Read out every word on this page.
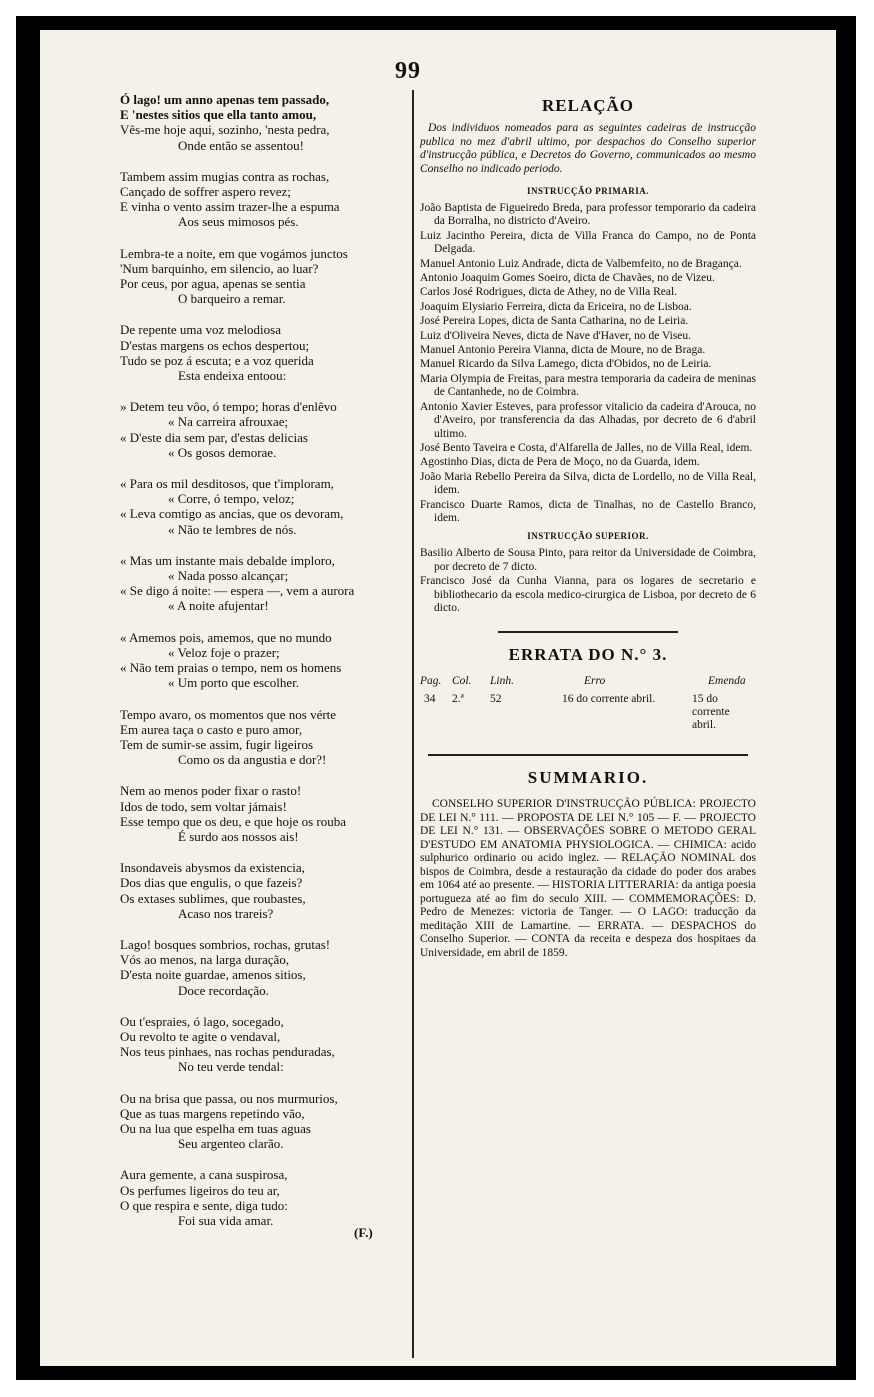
99
Ó lago! um anno apenas tem passado,
E 'nestes sitios que ella tanto amou,
Vês-me hoje aqui, sozinho, 'nesta pedra,
Onde então se assentou!
Tambem assim mugias contra as rochas,
Cançado de soffrer aspero revez;
E vinha o vento assim trazer-lhe a espuma
Aos seus mimosos pés.
Lembra-te a noite, em que vogámos junctos
'Num barquinho, em silencio, ao luar?
Por ceus, por agua, apenas se sentia
O barqueiro a remar.
De repente uma voz melodiosa
D'estas margens os echos despertou;
Tudo se poz á escuta; e a voz querida
Esta endeixa entoou:
» Detem teu vôo, ó tempo; horas d'enlêvo
« Na carreira afrouxae;
« D'este dia sem par, d'estas delicias
« Os gosos demorae.
« Para os mil desditosos, que t'imploram,
« Corre, ó tempo, veloz;
« Leva comtigo as ancias, que os devoram,
« Não te lembres de nós.
« Mas um instante mais debalde imploro,
« Nada posso alcançar;
« Se digo á noite: — espera —, vem a aurora
« A noite afujentar!
« Amemos pois, amemos, que no mundo
« Veloz foje o prazer;
« Não tem praias o tempo, nem os homens
« Um porto que escolher.
Tempo avaro, os momentos que nos vérte
Em aurea taça o casto e puro amor,
Tem de sumir-se assim, fugir ligeiros
Como os da angustia e dor?!
Nem ao menos poder fixar o rasto!
Idos de todo, sem voltar jámais!
Esse tempo que os deu, e que hoje os rouba
É surdo aos nossos ais!
Insondaveis abysmos da existencia,
Dos dias que engulis, o que fazeis?
Os extases sublimes, que roubastes,
Acaso nos trareis?
Lago! bosques sombrios, rochas, grutas!
Vós ao menos, na larga duração,
D'esta noite guardae, amenos sitios,
Doce recordação.
Ou t'espraies, ó lago, socegado,
Ou revolto te agite o vendaval,
Nos teus pinhaes, nas rochas penduradas,
No teu verde tendal:
Ou na brisa que passa, ou nos murmurios,
Que as tuas margens repetindo vão,
Ou na lua que espelha em tuas aguas
Seu argenteo clarão.
Aura gemente, a cana suspirosa,
Os perfumes ligeiros do teu ar,
O que respira e sente, diga tudo:
Foi sua vida amar.
(F.)
RELAÇÃO
Dos individuos nomeados para as seguintes cadeiras de instrucção publica no mez d'abril ultimo, por despachos do Conselho superior d'instrucção pública, e Decretos do Governo, communicados ao mesmo Conselho no indicado periodo.
INSTRUCÇÃO PRIMARIA.
João Baptista de Figueiredo Breda, para professor temporario da cadeira da Borralha, no districto d'Aveiro.
Luiz Jacintho Pereira, dicta de Villa Franca do Campo, no de Ponta Delgada.
Manuel Antonio Luiz Andrade, dicta de Valbemfeito, no de Bragança.
Antonio Joaquim Gomes Soeiro, dicta de Chavães, no de Vizeu.
Carlos José Rodrigues, dicta de Athey, no de Villa Real.
Joaquim Elysiario Ferreira, dicta da Ericeira, no de Lisboa.
José Pereira Lopes, dicta de Santa Catharina, no de Leiria.
Luiz d'Oliveira Neves, dicta de Nave d'Haver, no de Viseu.
Manuel Antonio Pereira Vianna, dicta de Moure, no de Braga.
Manuel Ricardo da Silva Lamego, dicta d'Obidos, no de Leiria.
Maria Olympia de Freitas, para mestra temporaria da cadeira de meninas de Cantanhede, no de Coimbra.
Antonio Xavier Esteves, para professor vitalicio da cadeira d'Arouca, no d'Aveiro, por transferencia da das Alhadas, por decreto de 6 d'abril ultimo.
José Bento Taveira e Costa, d'Alfarella de Jalles, no de Villa Real, idem.
Agostinho Dias, dicta de Pera de Moço, no da Guarda, idem.
João Maria Rebello Pereira da Silva, dicta de Lordello, no de Villa Real, idem.
Francisco Duarte Ramos, dicta de Tinalhas, no de Castello Branco, idem.
INSTRUCÇÃO SUPERIOR.
Basilio Alberto de Sousa Pinto, para reitor da Universidade de Coimbra, por decreto de 7 dicto.
Francisco José da Cunha Vianna, para os logares de secretario e bibliothecario da escola medico-cirurgica de Lisboa, por decreto de 6 dicto.
ERRATA DO N.° 3.
Pag.	Col.	Linh.	Erro	Emenda
34	2.ª	52	16 do corrente abril.	15 do corrente abril.
SUMMARIO.
CONSELHO SUPERIOR D'INSTRUCÇÃO PÚBLICA: PROJECTO DE LEI N.° 111. — PROPOSTA DE LEI N.° 105 — F. — PROJECTO DE LEI N.° 131. — OBSERVAÇÕES SOBRE O METODO GERAL D'ESTUDO EM ANATOMIA PHYSIOLOGICA. — CHIMICA: acido sulphurico ordinario ou acido inglez. — RELAÇÃO NOMINAL dos bispos de Coimbra, desde a restauração da cidade do poder dos arabes em 1064 até ao presente. — HISTORIA LITTERARIA: da antiga poesia portugueza até ao fim do seculo XIII. — COMMEMORAÇÕES: D. Pedro de Menezes: victoria de Tanger. — O LAGO: traducção da meditação XIII de Lamartine. — ERRATA. — DESPACHOS do Conselho Superior. — CONTA da receita e despeza dos hospitaes da Universidade, em abril de 1859.
